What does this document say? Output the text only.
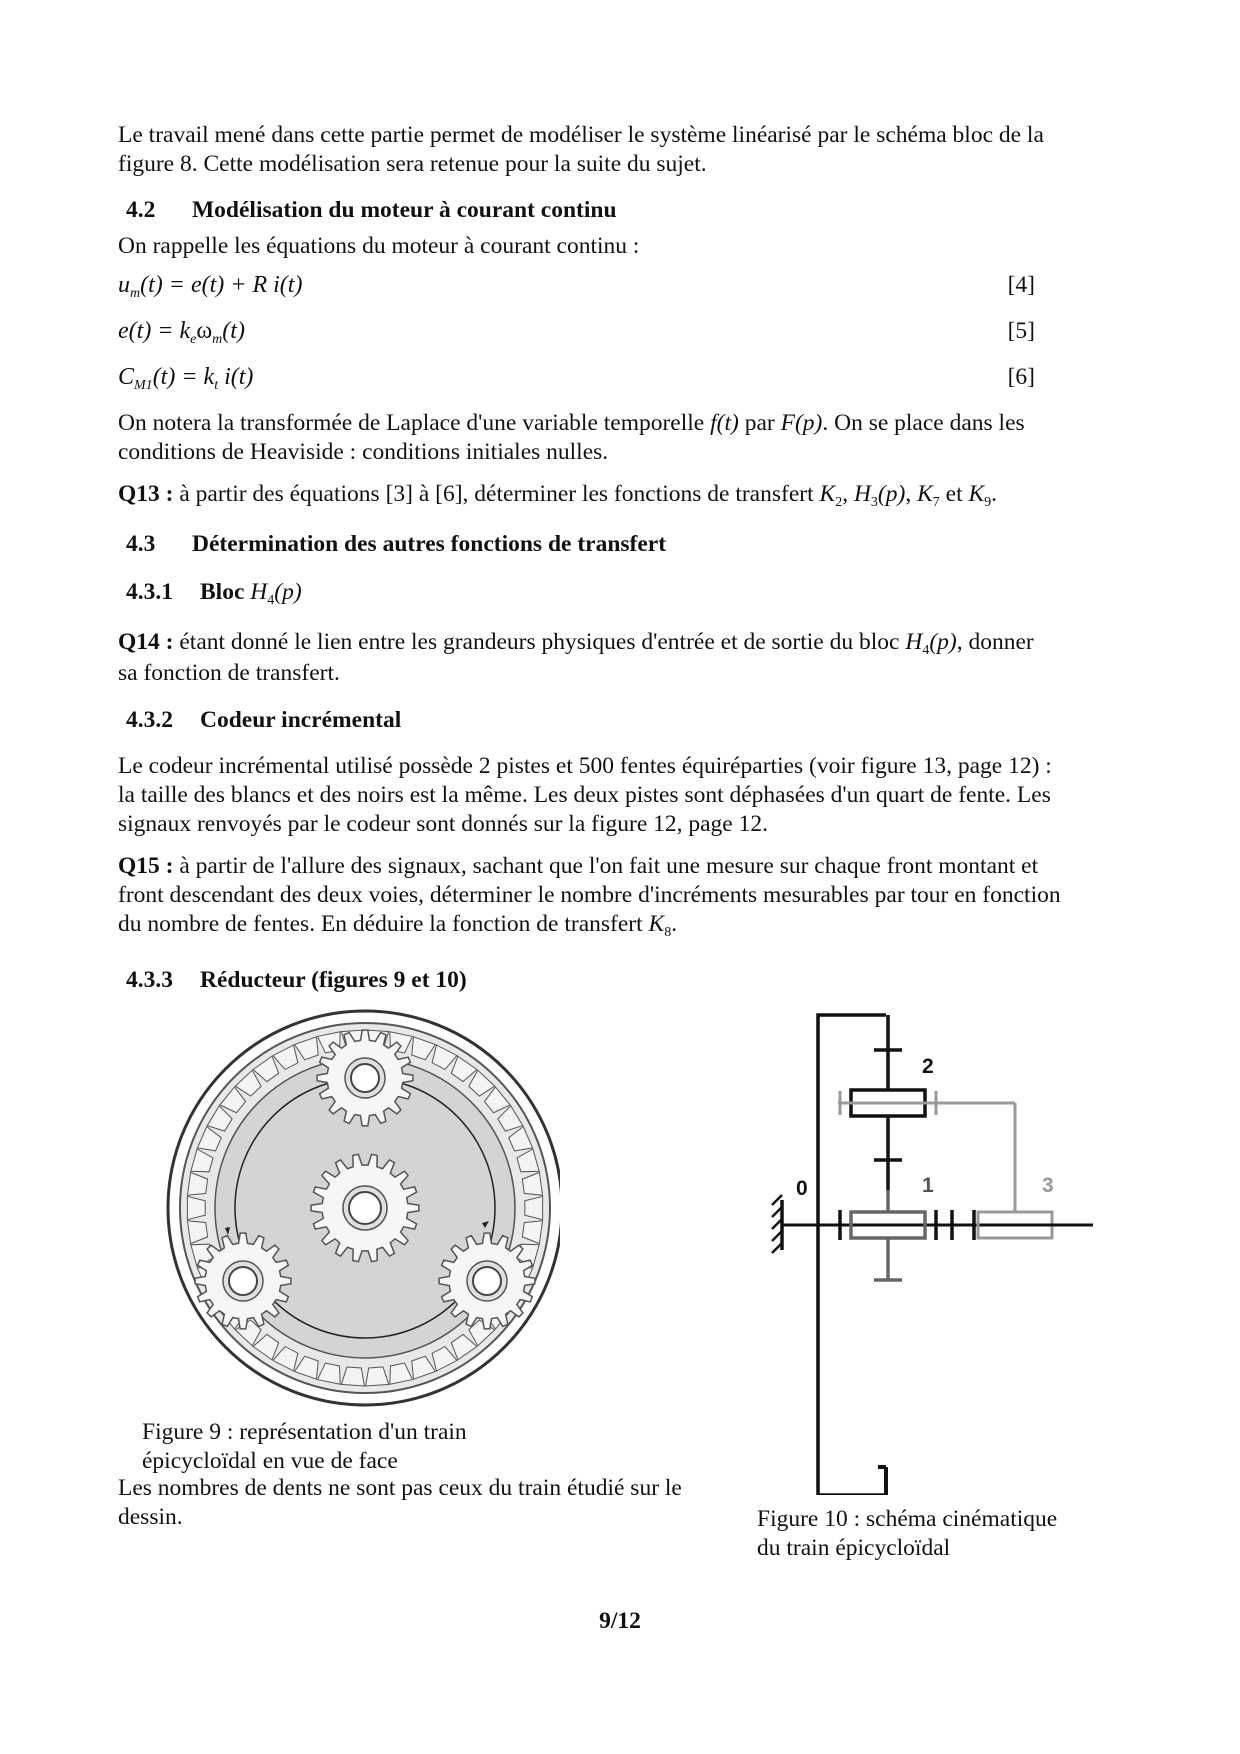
Le travail mené dans cette partie permet de modéliser le système linéarisé par le schéma bloc de la

figure 8. Cette modélisation sera retenue pour la suite du sujet.

4.2 Modélisation du moteur à courant continu

On rappelle les équations du moteur à courant continu :

$u_m(t) = e(t) + R$ i(t)	[4]
$e(t) = k_e\omega_m(t)$	[5]
$C_{M1}(t) = k_t$ i(t)	[6]

On notera la transformée de Laplace d'une variable temporelle f(t) par F(p). On se place dans les

conditions de Heaviside : conditions initiales nulles.

Q13 : à partir des équations [3] à [6], déterminer les fonctions de transfert $K_2$, $H_3(p)$, $K_7$ et $K_9$.

4.3 Détermination des autres fonctions de transfert

4.3.1 Bloc $H_4(p)$

Q14 : étant donné le lien entre les grandeurs physiques d'entrée et de sortie du bloc $H_4(p)$, donner

sa fonction de transfert.

4.3.2 Codeur incrémental

Le codeur incrémental utilisé possède 2 pistes et 500 fentes équiréparties (voir figure 13, page 12) :

la taille des blancs et des noirs est la même. Les deux pistes sont déphasées d'un quart de fente. Les

signaux renvoyés par le codeur sont donnés sur la figure 12, page 12.

Q15 : à partir de l'allure des signaux, sachant que l'on fait une mesure sur chaque front montant et

front descendant des deux voies, déterminer le nombre d'incréments mesurables par tour en fonction

du nombre de fentes. En déduire la fonction de transfert $K_8$.

4.3.3 Réducteur (figures 9 et 10)

Figure 9 : représentation d'un train
épicycloïdal en vue de face
Les nombres de dents ne sont pas ceux du train étudié sur le
dessin.
0	1
2
3
Figure 10 : schéma cinématique
du train épicycloïdal
9/12
